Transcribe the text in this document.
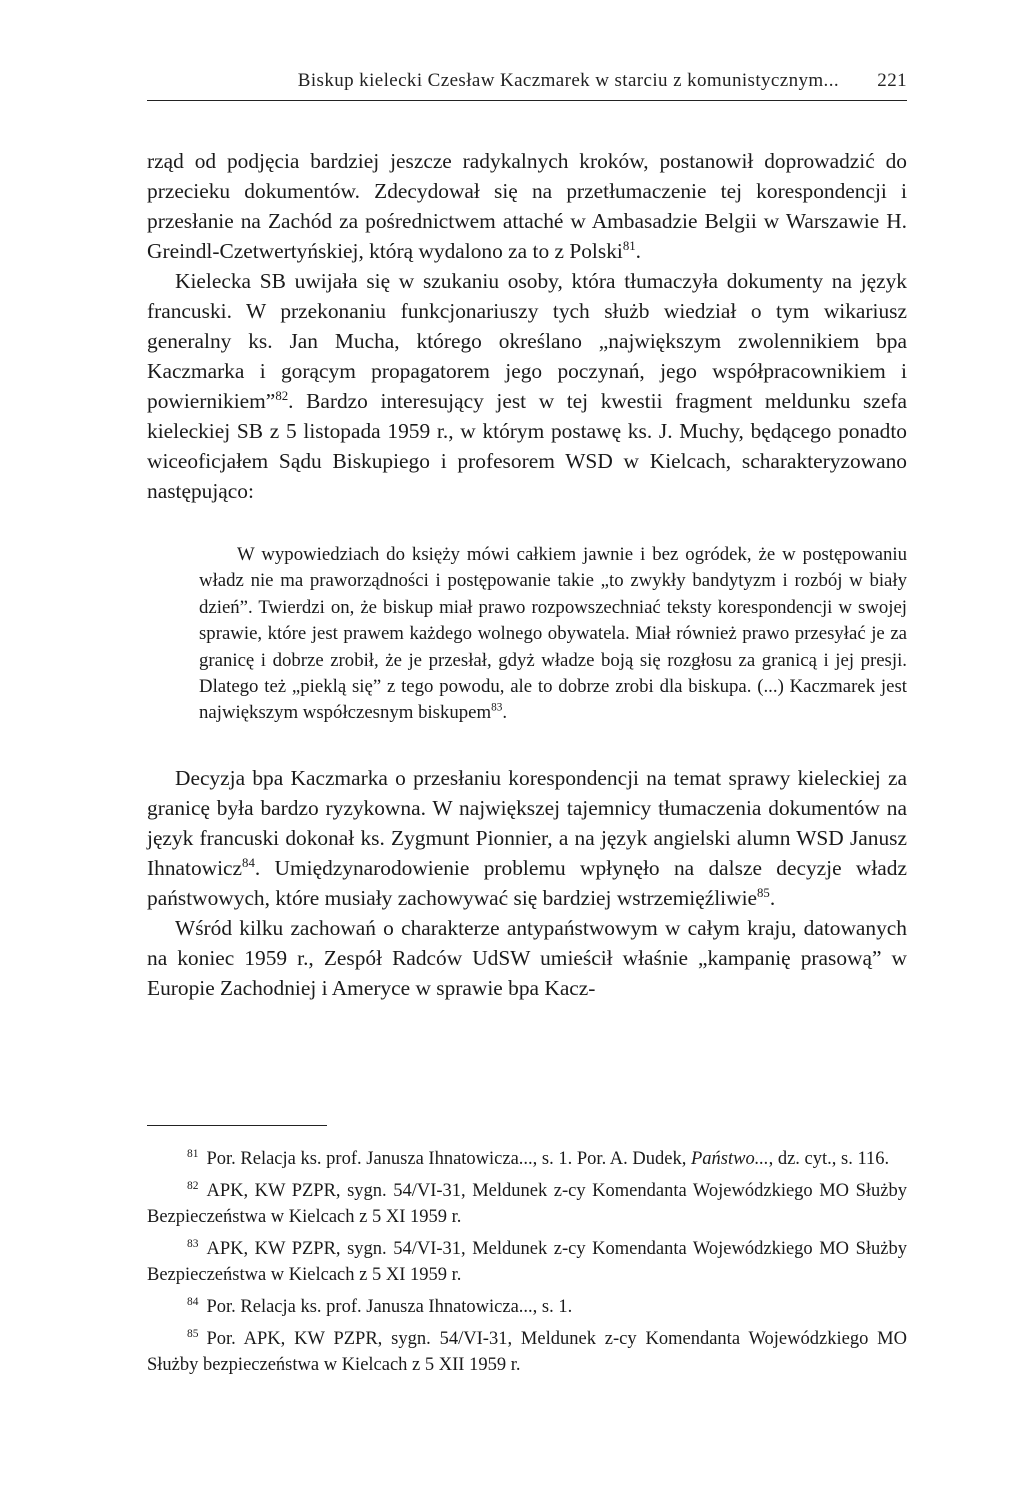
Biskup kielecki Czesław Kaczmarek w starciu z komunistycznym...	221

rząd od podjęcia bardziej jeszcze radykalnych kroków, postanowił doprowadzić do przecieku dokumentów. Zdecydował się na przetłumaczenie tej korespondencji i przesłanie na Zachód za pośrednictwem attaché w Ambasadzie Belgii w Warszawie H. Greindl-Czetwertyńskiej, którą wydalono za to z Polski$^{81}$.

Kielecka SB uwijała się w szukaniu osoby, która tłumaczyła dokumenty na język francuski. W przekonaniu funkcjonariuszy tych służb wiedział o tym wikariusz generalny ks. Jan Mucha, którego określano „największym zwolennikiem bpa Kaczmarka i gorącym propagatorem jego poczynań, jego współpracownikiem i powiernikiem”$^{82}$. Bardzo interesujący jest w tej kwestii fragment meldunku szefa kieleckiej SB z 5 listopada 1959 r., w którym postawę ks. J. Muchy, będącego ponadto wiceoficjałem Sądu Biskupiego i profesorem WSD w Kielcach, scharakteryzowano następująco:

W wypowiedziach do księży mówi całkiem jawnie i bez ogródek, że w postępowaniu władz nie ma praworządności i postępowanie takie „to zwykły bandytyzm i rozbój w biały dzień”. Twierdzi on, że biskup miał prawo rozpowszechniać teksty korespondencji w swojej sprawie, które jest prawem każdego wolnego obywatela. Miał również prawo przesyłać je za granicę i dobrze zrobił, że je przesłał, gdyż władze boją się rozgłosu za granicą i jej presji. Dlatego też „pieklą się” z tego powodu, ale to dobrze zrobi dla biskupa. (...) Kaczmarek jest największym współczesnym biskupem$^{83}$.

Decyzja bpa Kaczmarka o przesłaniu korespondencji na temat sprawy kieleckiej za granicę była bardzo ryzykowna. W największej tajemnicy tłumaczenia dokumentów na język francuski dokonał ks. Zygmunt Pionnier, a na język angielski alumn WSD Janusz Ihnatowicz$^{84}$. Umiędzynarodowienie problemu wpłynęło na dalsze decyzje władz państwowych, które musiały zachowywać się bardziej wstrzemięźliwie$^{85}$.

Wśród kilku zachowań o charakterze antypaństwowym w całym kraju, datowanych na koniec 1959 r., Zespół Radców UdSW umieścił właśnie „kampanię prasową” w Europie Zachodniej i Ameryce w sprawie bpa Kacz-

$^{81}$ Por. Relacja ks. prof. Janusza Ihnatowicza..., s. 1. Por. A. Dudek, Państwo..., dz. cyt., s. 116.

$^{82}$ APK, KW PZPR, sygn. 54/VI-31, Meldunek z-cy Komendanta Wojewódzkiego MO Służby Bezpieczeństwa w Kielcach z 5 XI 1959 r.

$^{83}$ APK, KW PZPR, sygn. 54/VI-31, Meldunek z-cy Komendanta Wojewódzkiego MO Służby Bezpieczeństwa w Kielcach z 5 XI 1959 r.

$^{84}$ Por. Relacja ks. prof. Janusza Ihnatowicza..., s. 1.

$^{85}$ Por. APK, KW PZPR, sygn. 54/VI-31, Meldunek z-cy Komendanta Wojewódzkiego MO Służby bezpieczeństwa w Kielcach z 5 XII 1959 r.
